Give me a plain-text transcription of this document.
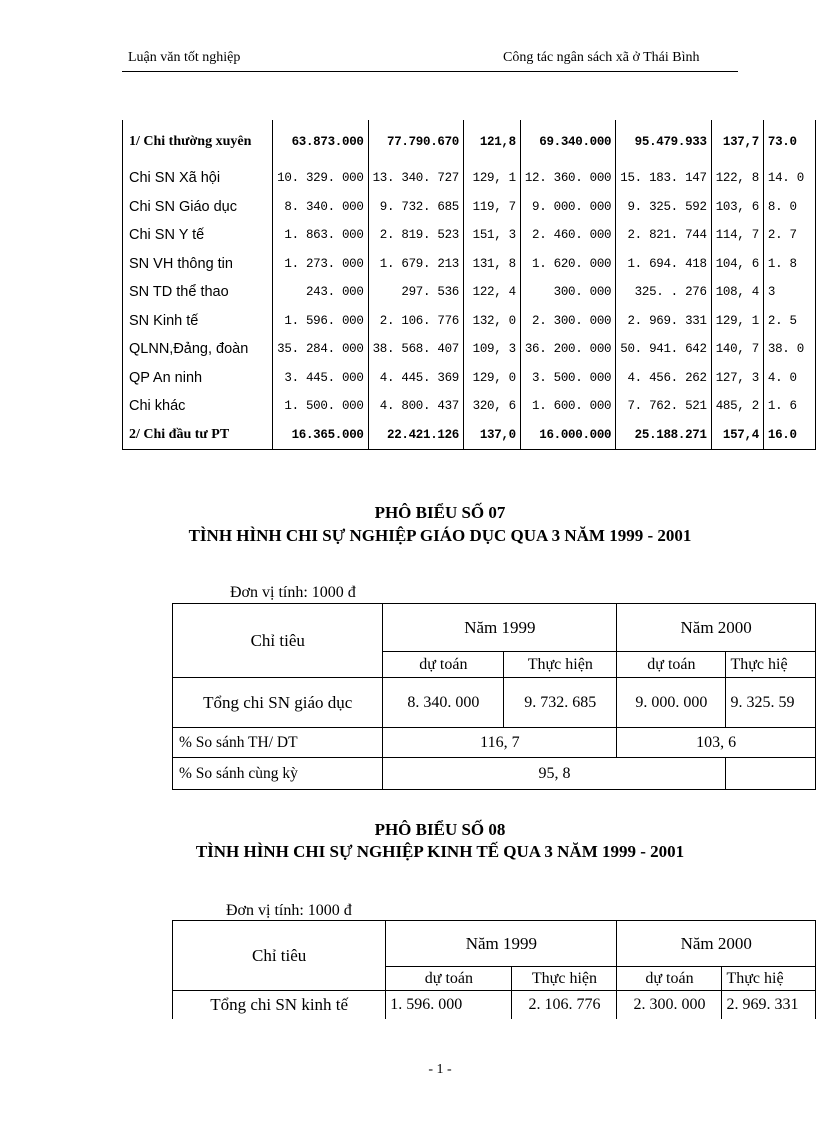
Luận văn tốt nghiệp	Công tác ngân sách xã ở Thái Bình
1/ Chi thường xuyên	63.873.000	77.790.670	121,8	69.340.000	95.479.933	137,7	73.0
Chi SN Xã hội	10. 329. 000	13. 340. 727	129, 1	12. 360. 000	15. 183. 147	122, 8	14. 0
Chi SN Giáo dục	8. 340. 000	9. 732. 685	119, 7	9. 000. 000	9. 325. 592	103, 6	8. 0
Chi SN Y tế	1. 863. 000	2. 819. 523	151, 3	2. 460. 000	2. 821. 744	114, 7	2. 7
SN VH thông tin	1. 273. 000	1. 679. 213	131, 8	1. 620. 000	1. 694. 418	104, 6	1. 8
SN TD thể thao	243. 000	297. 536	122, 4	300. 000	325. . 276	108, 4	3
SN Kinh tế	1. 596. 000	2. 106. 776	132, 0	2. 300. 000	2. 969. 331	129, 1	2. 5
QLNN,Đảng, đoàn	35. 284. 000	38. 568. 407	109, 3	36. 200. 000	50. 941. 642	140, 7	38. 0
QP An ninh	3. 445. 000	4. 445. 369	129, 0	3. 500. 000	4. 456. 262	127, 3	4. 0
Chi khác	1. 500. 000	4. 800. 437	320, 6	1. 600. 000	7. 762. 521	485, 2	1. 6
2/ Chi đầu tư PT	16.365.000	22.421.126	137,0	16.000.000	25.188.271	157,4	16.0
PHÔ BIỂU SỐ 07
TÌNH HÌNH CHI SỰ NGHIỆP GIÁO DỤC QUA 3 NĂM 1999 - 2001
Đơn vị tính: 1000 đ
Chỉ tiêu	Năm 1999		Năm 2000	
	dự toán	Thực hiện	dự toán	Thực hiệ
Tổng chi SN giáo dục	8. 340. 000	9. 732. 685	9. 000. 000	9. 325. 59
% So sánh TH/ DT	116, 7		103, 6	
% So sánh cùng kỳ	95, 8			
PHÔ BIỂU SỐ 08
TÌNH HÌNH CHI SỰ NGHIỆP KINH TẾ QUA 3 NĂM 1999 - 2001
Đơn vị tính: 1000 đ
Chỉ tiêu	Năm 1999		Năm 2000	
	dự toán	Thực hiện	dự toán	Thực hiệ
Tổng chi SN kinh tế	1. 596. 000	2. 106. 776	2. 300. 000	2. 969. 331
- 1 -
